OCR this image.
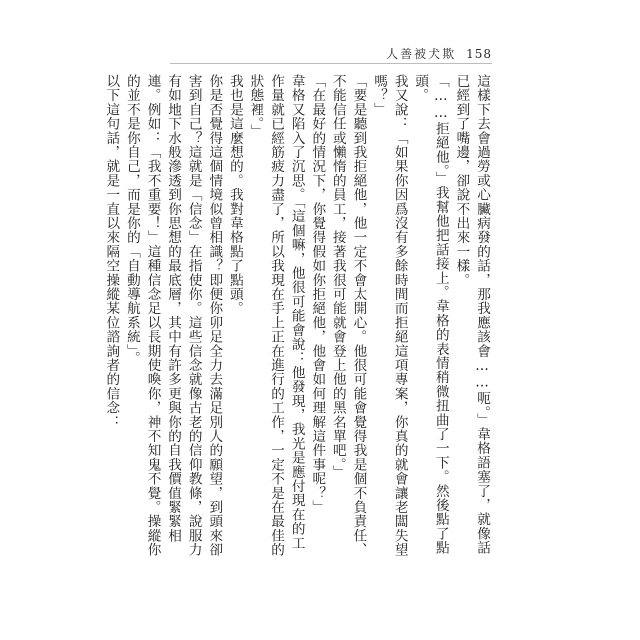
人善被犬欺 158

這樣下去會過勞或心臟病發的話，那我應該會……呃。」韋格語塞了，就像話已經到了嘴邊，卻說不出來一樣。

「……拒絕他。」我幫他把話接上。韋格的表情稍微扭曲了一下。然後點了點頭。

我又說：「如果你因爲沒有多餘時間而拒絕這項專案，你真的就會讓老闆失望嗎？」

「要是聽到我拒絕他，他一定不會太開心。他很可能會覺得我是個不負責任、不能信任或懶惰的員工，接著我很可能就會登上他的黑名單吧。」

「在最好的情況下，你覺得假如你拒絕他，他會如何理解這件事呢？」

韋格又陷入了沉思。「這個嘛，他很可能會說：他發現，我光是應付現在的工作量就已經筋疲力盡了，所以我現在手上正在進行的工作，一定不是在最佳的狀態裡。」

我也是這麼想的。我對韋格點了點頭。

你是否覺得這個情境似曾相識？即便你卯足全力去滿足別人的願望，到頭來卻害到自己？這就是「信念」在指使你。這些信念就像古老的信仰教條，說服力有如地下水般滲透到你思想的最底層，其中有許多更與你的自我價值緊緊相連。例如：「我不重要！」這種信念足以長期使喚你，神不知鬼不覺。操縱你的並不是你自己，而是你的「自動導航系統」。

以下這句話，就是一直以來隔空操縱某位諮詢者的信念：
